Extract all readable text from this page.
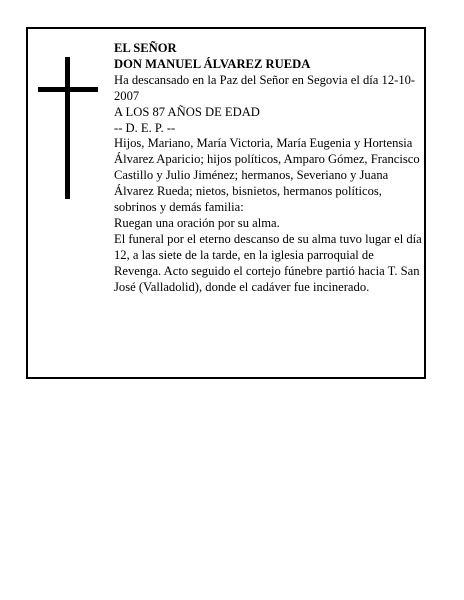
EL SEÑOR

DON MANUEL ÁLVAREZ RUEDA

Ha descansado en la Paz del Señor en Segovia el día 12-10-2007

A LOS 87 AÑOS DE EDAD

-- D. E. P. --

Hijos, Mariano, María Victoria, María Eugenia y Hortensia Álvarez Aparicio; hijos políticos, Amparo Gómez, Francisco Castillo y Julio Jiménez; hermanos, Severiano y Juana Álvarez Rueda; nietos, bisnietos, hermanos políticos, sobrinos y demás familia:

Ruegan una oración por su alma.

El funeral por el eterno descanso de su alma tuvo lugar el día 12, a las siete de la tarde, en la iglesia parroquial de Revenga. Acto seguido el cortejo fúnebre partió hacia T. San José (Valladolid), donde el cadáver fue incinerado.
